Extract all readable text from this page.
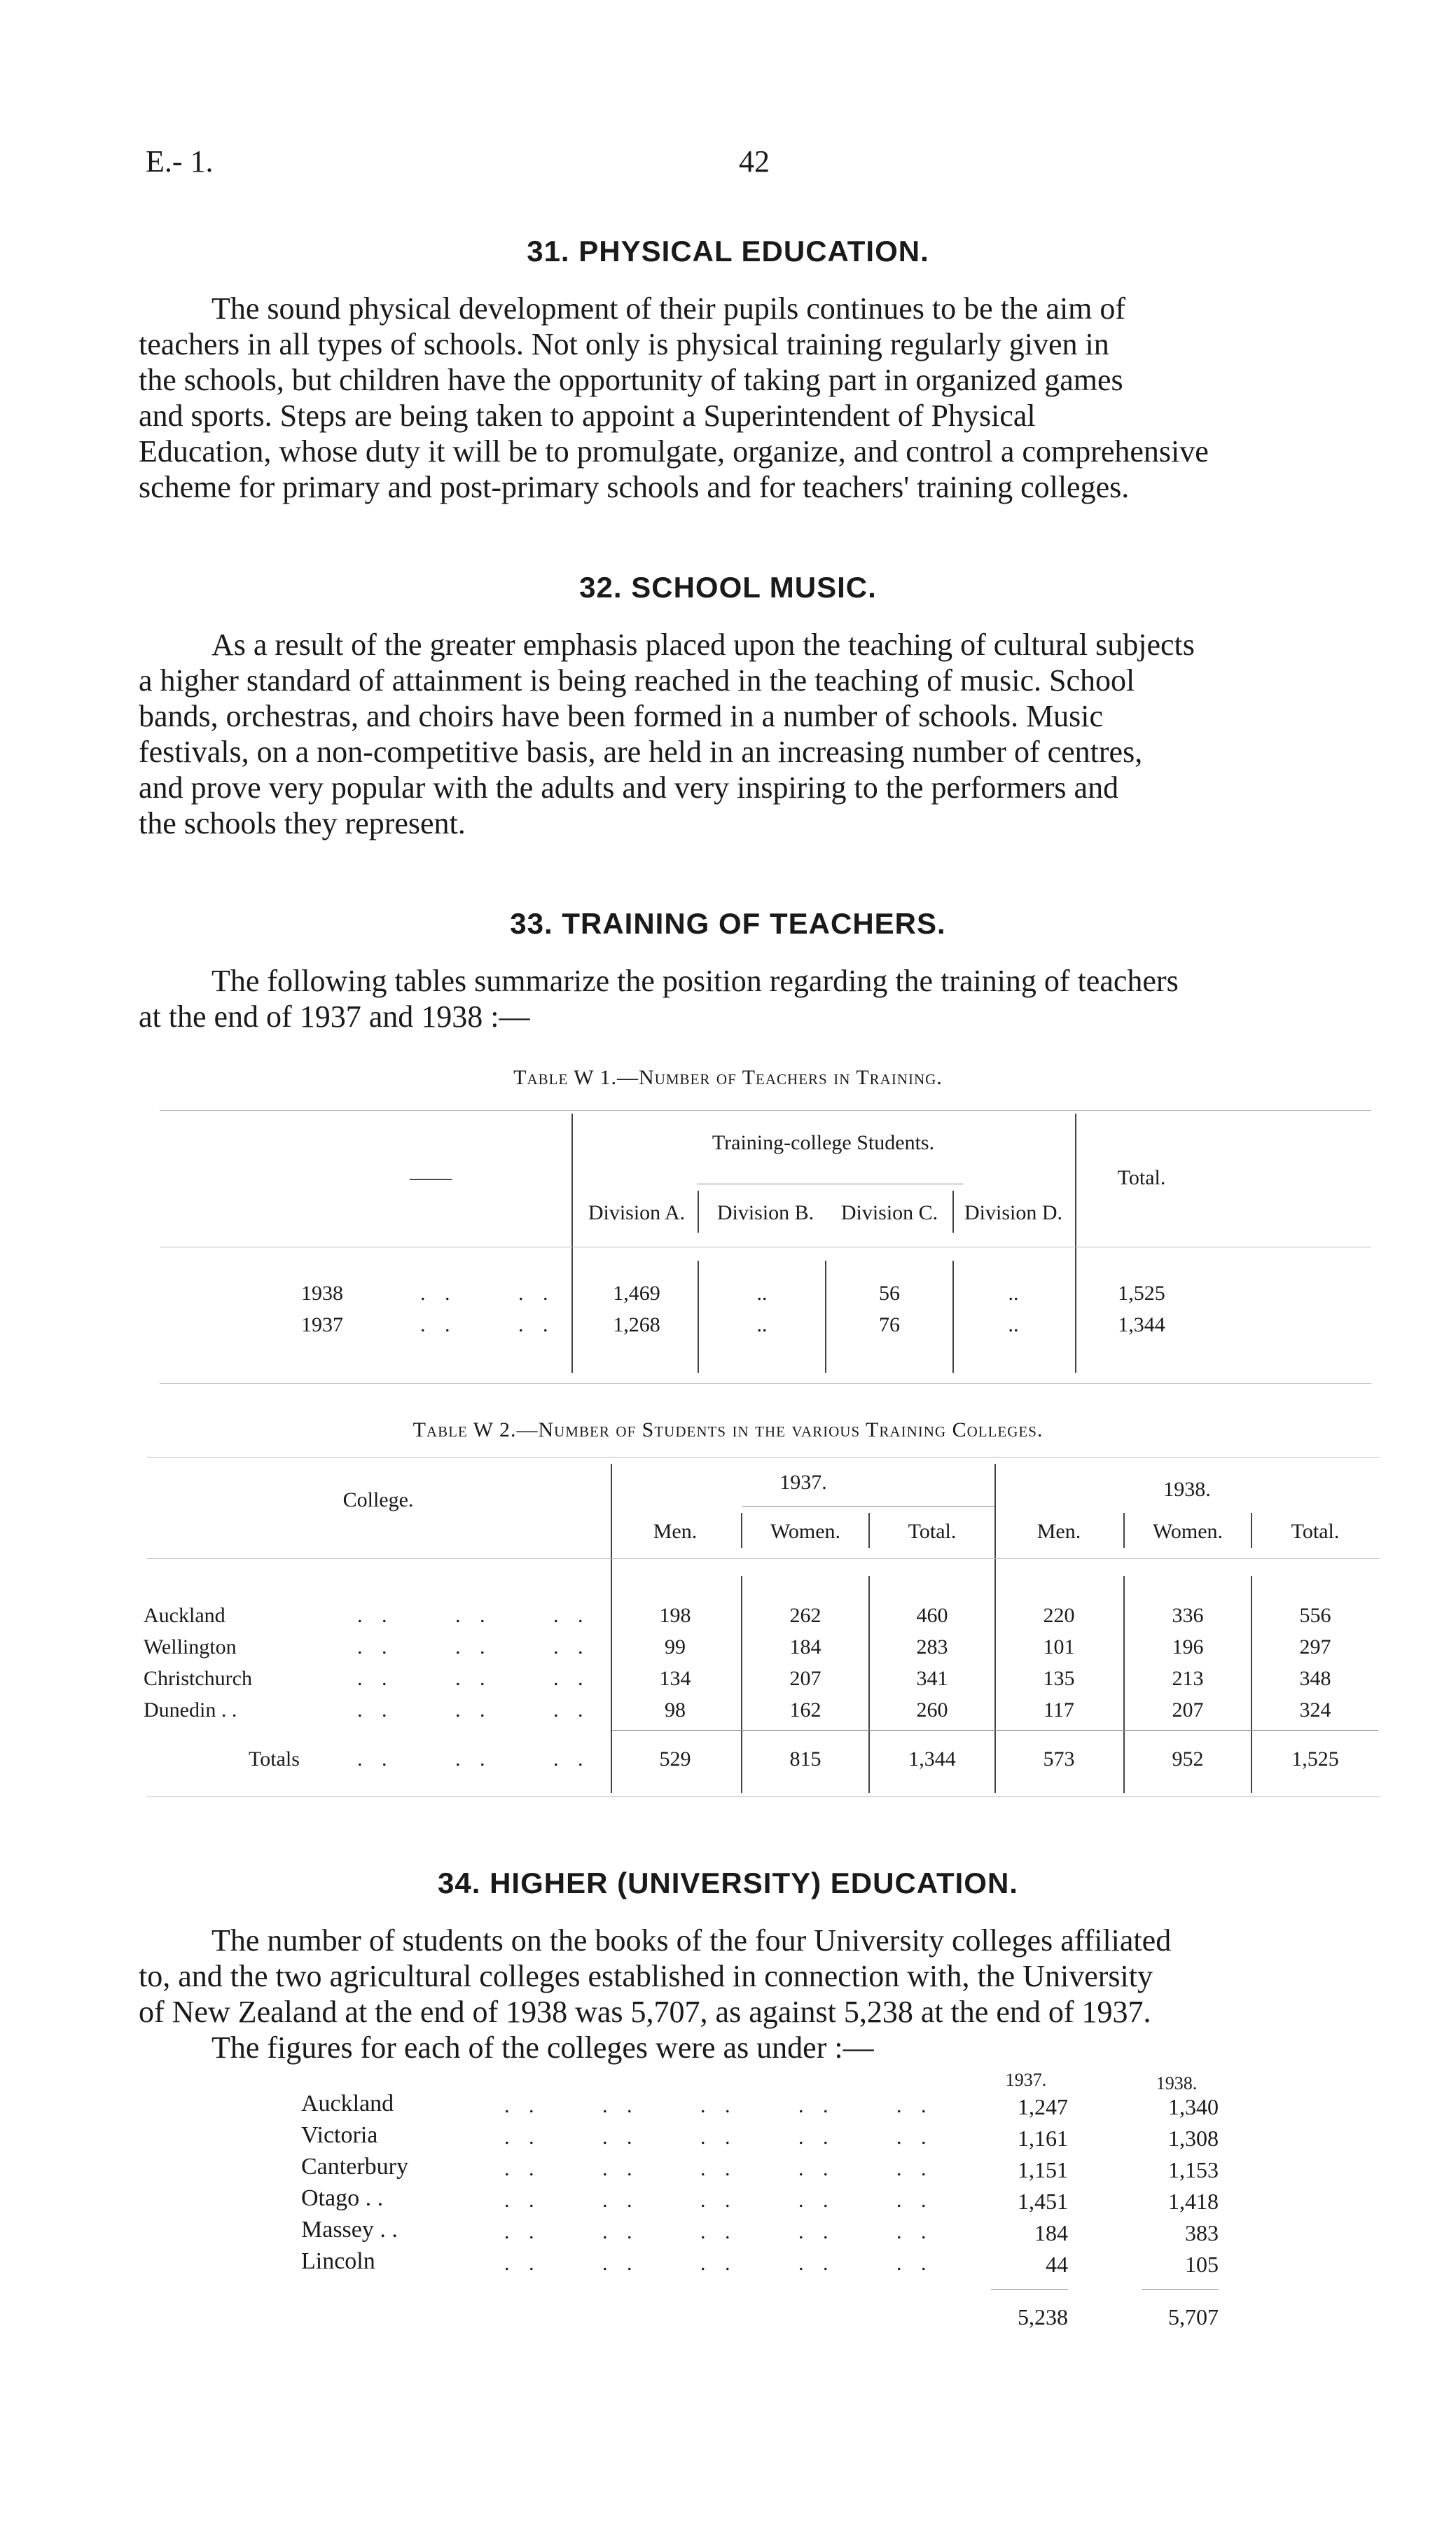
E.- 1.	42
31. PHYSICAL EDUCATION.
The sound physical development of their pupils continues to be the aim of
teachers in all types of schools. Not only is physical training regularly given in
the schools, but children have the opportunity of taking part in organized games
and sports. Steps are being taken to appoint a Superintendent of Physical
Education, whose duty it will be to promulgate, organize, and control a comprehensive
scheme for primary and post-primary schools and for teachers' training colleges.
32. SCHOOL MUSIC.
As a result of the greater emphasis placed upon the teaching of cultural subjects
a higher standard of attainment is being reached in the teaching of music. School
bands, orchestras, and choirs have been formed in a number of schools. Music
festivals, on a non-competitive basis, are held in an increasing number of centres,
and prove very popular with the adults and very inspiring to the performers and
the schools they represent.
33. TRAINING OF TEACHERS.
The following tables summarize the position regarding the training of teachers
at the end of 1937 and 1938 :—
Table W 1.—Number of Teachers in Training.
Training-college Students.
——	Total.
Division A.	Division B.	Division C.	Division D.
1938	. .     . .	1,469	..	56	..	1,525
1937	. .     . .	1,268	..	76	..	1,344
Table W 2.—Number of Students in the various Training Colleges.
College.
1937.	1938.
Men.	Women.	Total.	Men.	Women.	Total.
Auckland	. .     . .     . .	198	262	460	220	336	556
Wellington	. .     . .     . .	99	184	283	101	196	297
Christchurch	. .     . .     . .	134	207	341	135	213	348
Dunedin . .	. .     . .     . .	98	162	260	117	207	324
Totals	. .     . .     . .	529	815	1,344	573	952	1,525
34. HIGHER (UNIVERSITY) EDUCATION.
The number of students on the books of the four University colleges affiliated
to, and the two agricultural colleges established in connection with, the University
of New Zealand at the end of 1938 was 5,707, as against 5,238 at the end of 1937.
The figures for each of the colleges were as under :—
1937.	1938.
Auckland	. .     . .     . .     . .     . .	1,247	1,340
Victoria	. .     . .     . .     . .     . .	1,161	1,308
Canterbury	. .     . .     . .     . .     . .	1,151	1,153
Otago . .	. .     . .     . .     . .     . .	1,451	1,418
Massey . .	. .     . .     . .     . .     . .	184	383
Lincoln	. .     . .     . .     . .     . .	44	105
5,238	5,707
